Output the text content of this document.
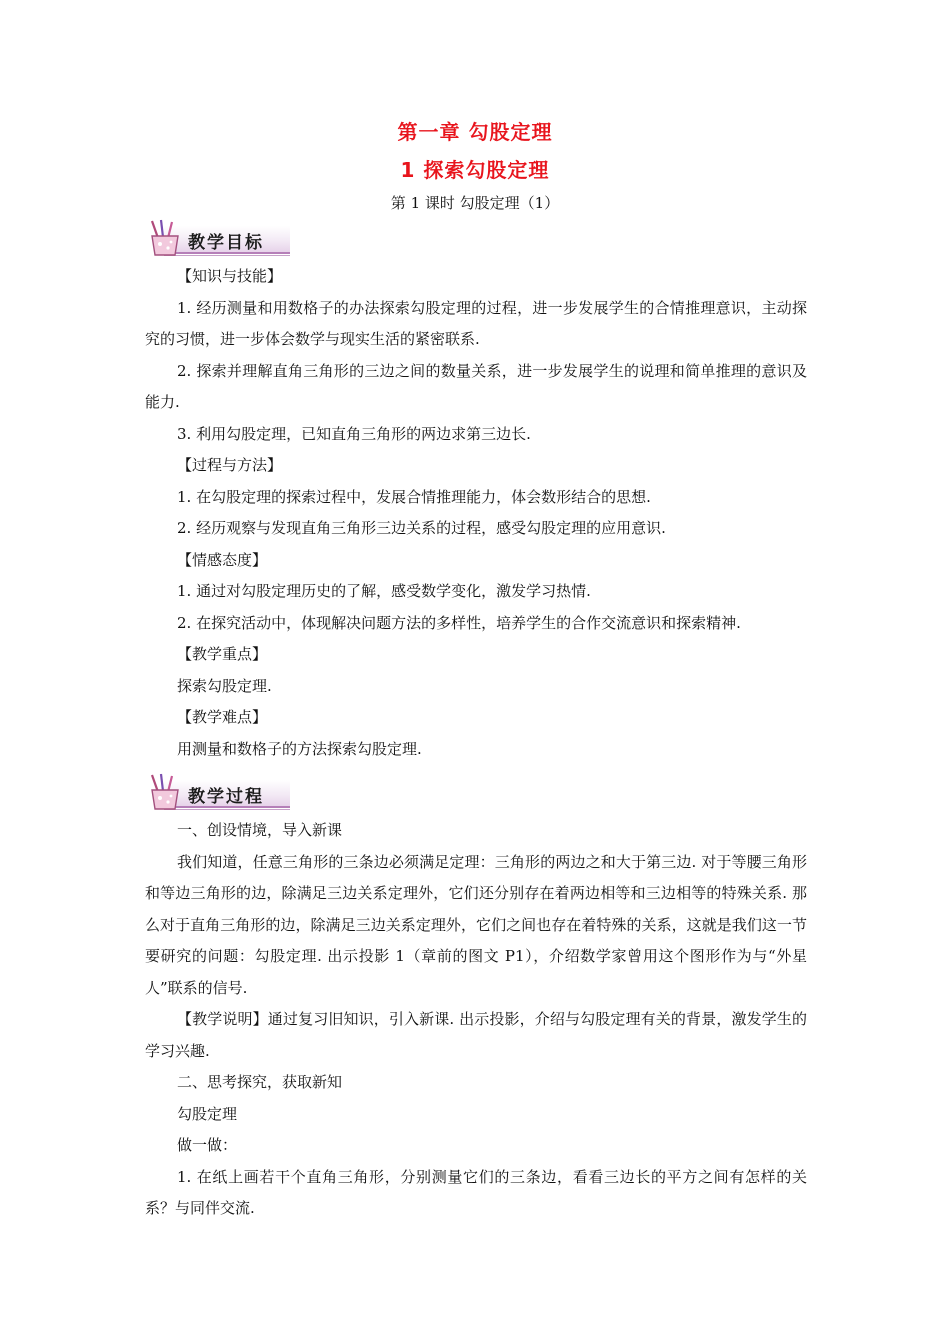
第一章 勾股定理
1 探索勾股定理
第 1 课时 勾股定理（1）
教学目标

【知识与技能】

1. 经历测量和用数格子的办法探索勾股定理的过程，进一步发展学生的合情推理意识，主动探究的习惯，进一步体会数学与现实生活的紧密联系.

2. 探索并理解直角三角形的三边之间的数量关系，进一步发展学生的说理和简单推理的意识及能力.

3. 利用勾股定理，已知直角三角形的两边求第三边长.

【过程与方法】

1. 在勾股定理的探索过程中，发展合情推理能力，体会数形结合的思想.

2. 经历观察与发现直角三角形三边关系的过程，感受勾股定理的应用意识.

【情感态度】

1. 通过对勾股定理历史的了解，感受数学变化，激发学习热情.

2. 在探究活动中，体现解决问题方法的多样性，培养学生的合作交流意识和探索精神.

【教学重点】

探索勾股定理.

【教学难点】

用测量和数格子的方法探索勾股定理.

教学过程

一、创设情境，导入新课

我们知道，任意三角形的三条边必须满足定理：三角形的两边之和大于第三边. 对于等腰三角形和等边三角形的边，除满足三边关系定理外，它们还分别存在着两边相等和三边相等的特殊关系. 那么对于直角三角形的边，除满足三边关系定理外，它们之间也存在着特殊的关系，这就是我们这一节要研究的问题：勾股定理. 出示投影 1（章前的图文 P1），介绍数学家曾用这个图形作为与“外星人”联系的信号.

【教学说明】通过复习旧知识，引入新课. 出示投影，介绍与勾股定理有关的背景，激发学生的学习兴趣.

二、思考探究，获取新知

勾股定理

做一做：

1. 在纸上画若干个直角三角形，分别测量它们的三条边，看看三边长的平方之间有怎样的关系？与同伴交流.
